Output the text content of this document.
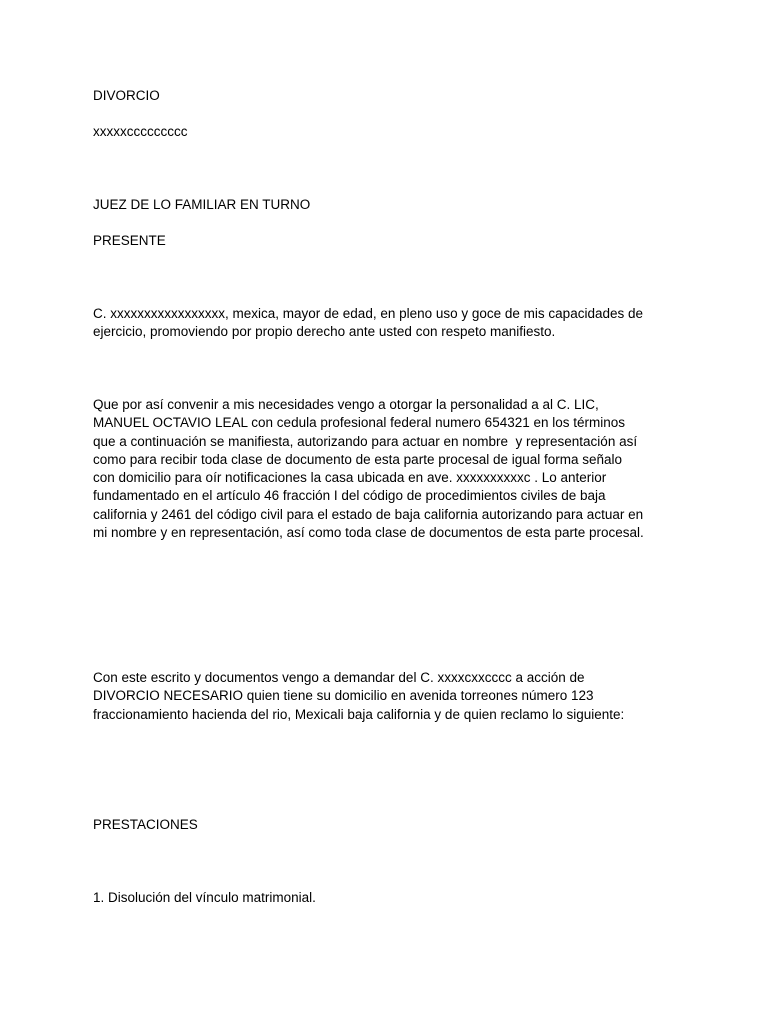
DIVORCIO
xxxxxccccccccc
JUEZ DE LO FAMILIAR EN TURNO
PRESENTE
C. xxxxxxxxxxxxxxxxx, mexica, mayor de edad, en pleno uso y goce de mis capacidades de
ejercicio, promoviendo por propio derecho ante usted con respeto manifiesto.
Que por así convenir a mis necesidades vengo a otorgar la personalidad a al C. LIC,
MANUEL OCTAVIO LEAL con cedula profesional federal numero 654321 en los términos
que a continuación se manifiesta, autorizando para actuar en nombre  y representación así
como para recibir toda clase de documento de esta parte procesal de igual forma señalo
con domicilio para oír notificaciones la casa ubicada en ave. xxxxxxxxxxc . Lo anterior
fundamentado en el artículo 46 fracción I del código de procedimientos civiles de baja
california y 2461 del código civil para el estado de baja california autorizando para actuar en
mi nombre y en representación, así como toda clase de documentos de esta parte procesal.
Con este escrito y documentos vengo a demandar del C. xxxxcxxcccc a acción de
DIVORCIO NECESARIO quien tiene su domicilio en avenida torreones número 123
fraccionamiento hacienda del rio, Mexicali baja california y de quien reclamo lo siguiente:
PRESTACIONES
1. Disolución del vínculo matrimonial.
